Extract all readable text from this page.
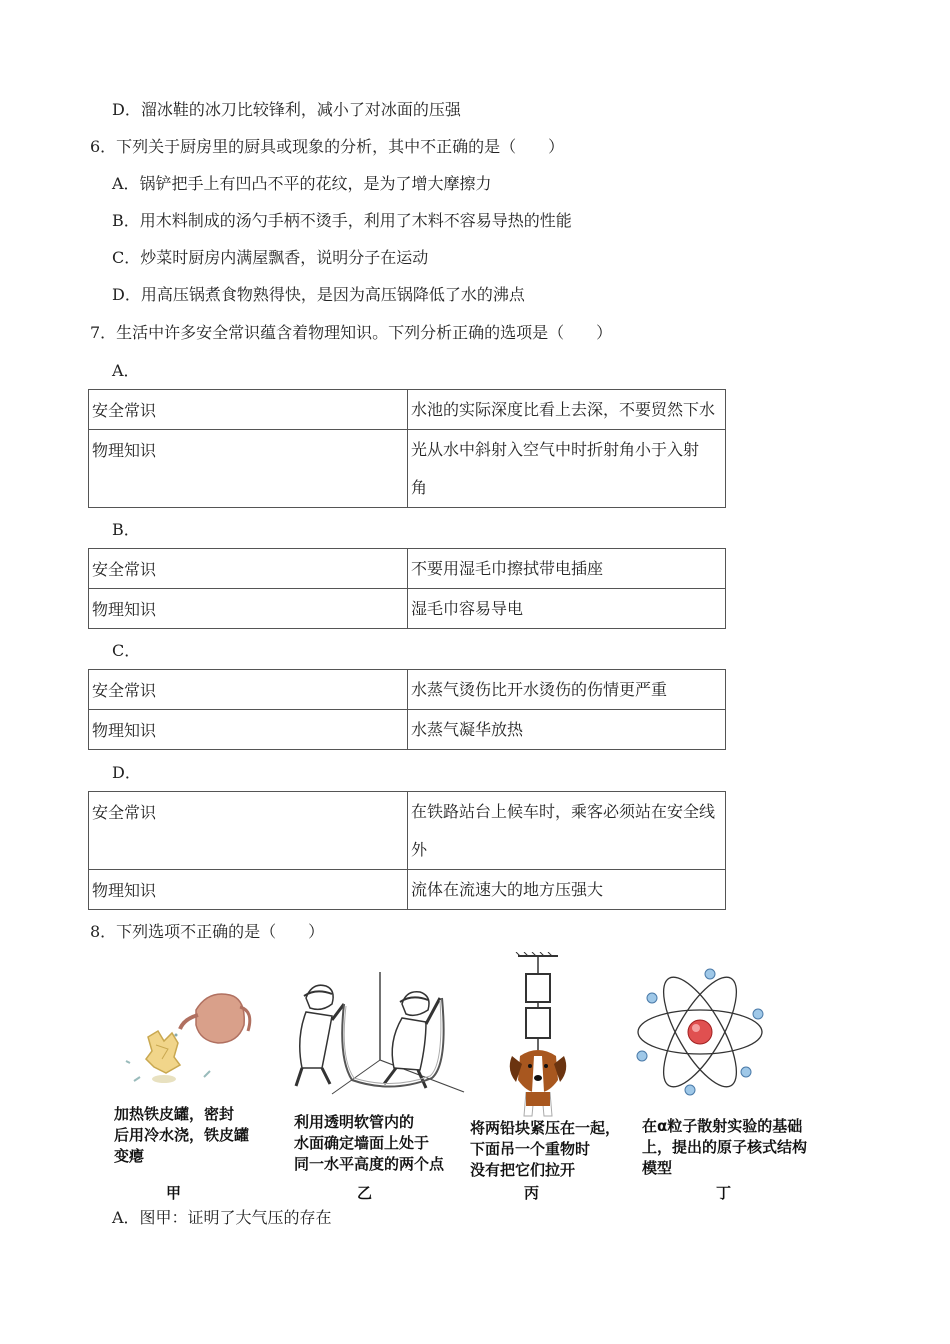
D．溜冰鞋的冰刀比较锋利，减小了对冰面的压强
6．下列关于厨房里的厨具或现象的分析，其中不正确的是（　　）
A．锅铲把手上有凹凸不平的花纹，是为了增大摩擦力
B．用木料制成的汤勺手柄不烫手，利用了木料不容易导热的性能
C．炒菜时厨房内满屋飘香，说明分子在运动
D．用高压锅煮食物熟得快，是因为高压锅降低了水的沸点
7．生活中许多安全常识蕴含着物理知识。下列分析正确的选项是（　　）
A．
安全常识	水池的实际深度比看上去深，不要贸然下水
物理知识	光从水中斜射入空气中时折射角小于入射
角
B．
安全常识	不要用湿毛巾擦拭带电插座
物理知识	湿毛巾容易导电
C．
安全常识	水蒸气烫伤比开水烫伤的伤情更严重
物理知识	水蒸气凝华放热
D．
安全常识	在铁路站台上候车时，乘客必须站在安全线
外
物理知识	流体在流速大的地方压强大
8．下列选项不正确的是（　　）
加热铁皮罐，密封
后用冷水浇，铁皮罐
变瘪
利用透明软管内的
水面确定墙面上处于
同一水平高度的两个点
将两铅块紧压在一起，
下面吊一个重物时
没有把它们拉开
在α粒子散射实验的基础
上，提出的原子核式结构
模型
甲	乙	丙	丁
A．图甲：证明了大气压的存在
